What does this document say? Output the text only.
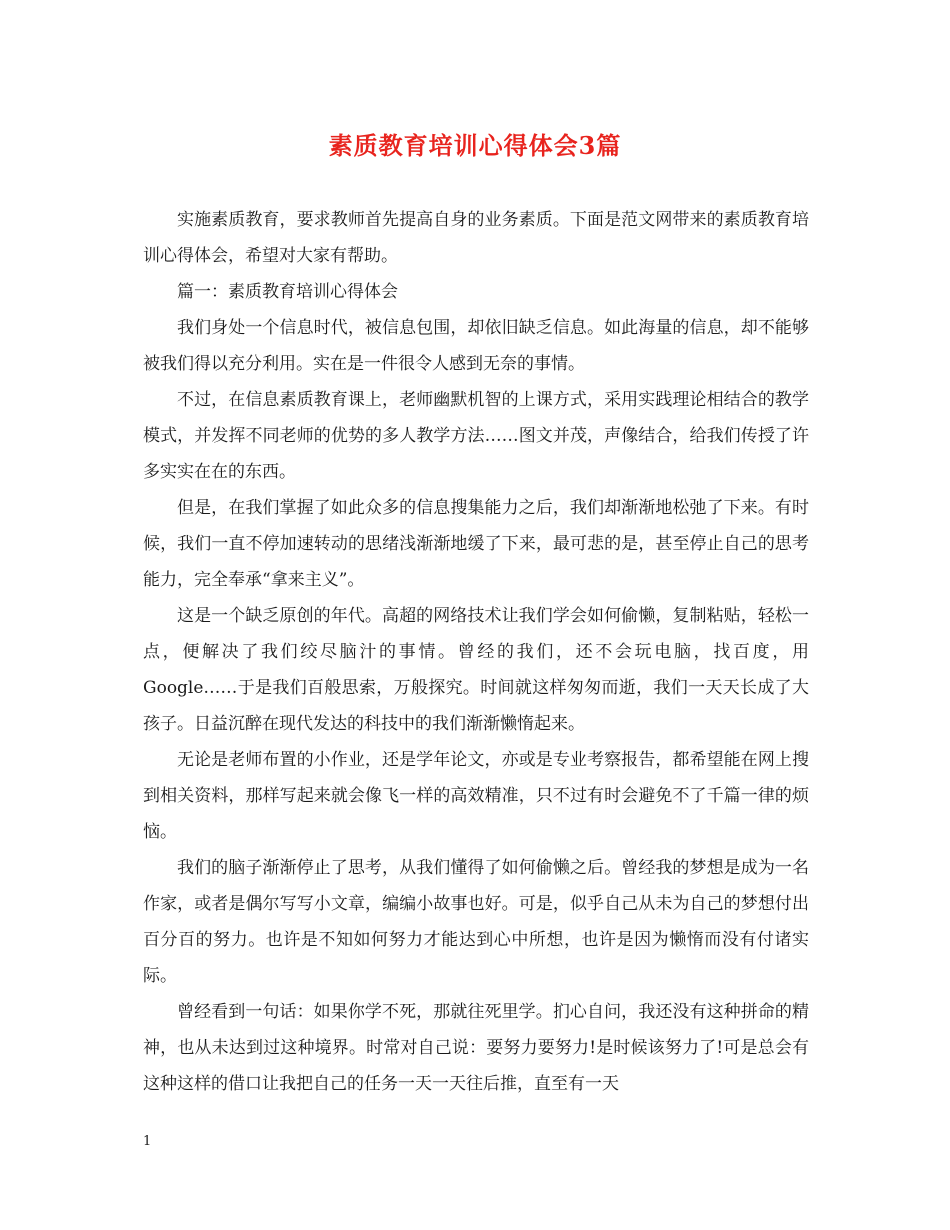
素质教育培训心得体会3篇

实施素质教育，要求教师首先提高自身的业务素质。下面是范文网带来的素质教育培训心得体会，希望对大家有帮助。

篇一：素质教育培训心得体会

我们身处一个信息时代，被信息包围，却依旧缺乏信息。如此海量的信息，却不能够被我们得以充分利用。实在是一件很令人感到无奈的事情。

不过，在信息素质教育课上，老师幽默机智的上课方式，采用实践理论相结合的教学模式，并发挥不同老师的优势的多人教学方法……图文并茂，声像结合，给我们传授了许多实实在在的东西。

但是，在我们掌握了如此众多的信息搜集能力之后，我们却渐渐地松弛了下来。有时候，我们一直不停加速转动的思绪浅渐渐地缓了下来，最可悲的是，甚至停止自己的思考能力，完全奉承“拿来主义”。

这是一个缺乏原创的年代。高超的网络技术让我们学会如何偷懒，复制粘贴，轻松一点，便解决了我们绞尽脑汁的事情。曾经的我们，还不会玩电脑，找百度，用Google……于是我们百般思索，万般探究。时间就这样匆匆而逝，我们一天天长成了大孩子。日益沉醉在现代发达的科技中的我们渐渐懒惰起来。

无论是老师布置的小作业，还是学年论文，亦或是专业考察报告，都希望能在网上搜到相关资料，那样写起来就会像飞一样的高效精准，只不过有时会避免不了千篇一律的烦恼。

我们的脑子渐渐停止了思考，从我们懂得了如何偷懒之后。曾经我的梦想是成为一名作家，或者是偶尔写写小文章，编编小故事也好。可是，似乎自己从未为自己的梦想付出百分百的努力。也许是不知如何努力才能达到心中所想，也许是因为懒惰而没有付诸实际。

曾经看到一句话：如果你学不死，那就往死里学。扪心自问，我还没有这种拼命的精神，也从未达到过这种境界。时常对自己说：要努力要努力!是时候该努力了!可是总会有这种这样的借口让我把自己的任务一天一天往后推，直至有一天

1
